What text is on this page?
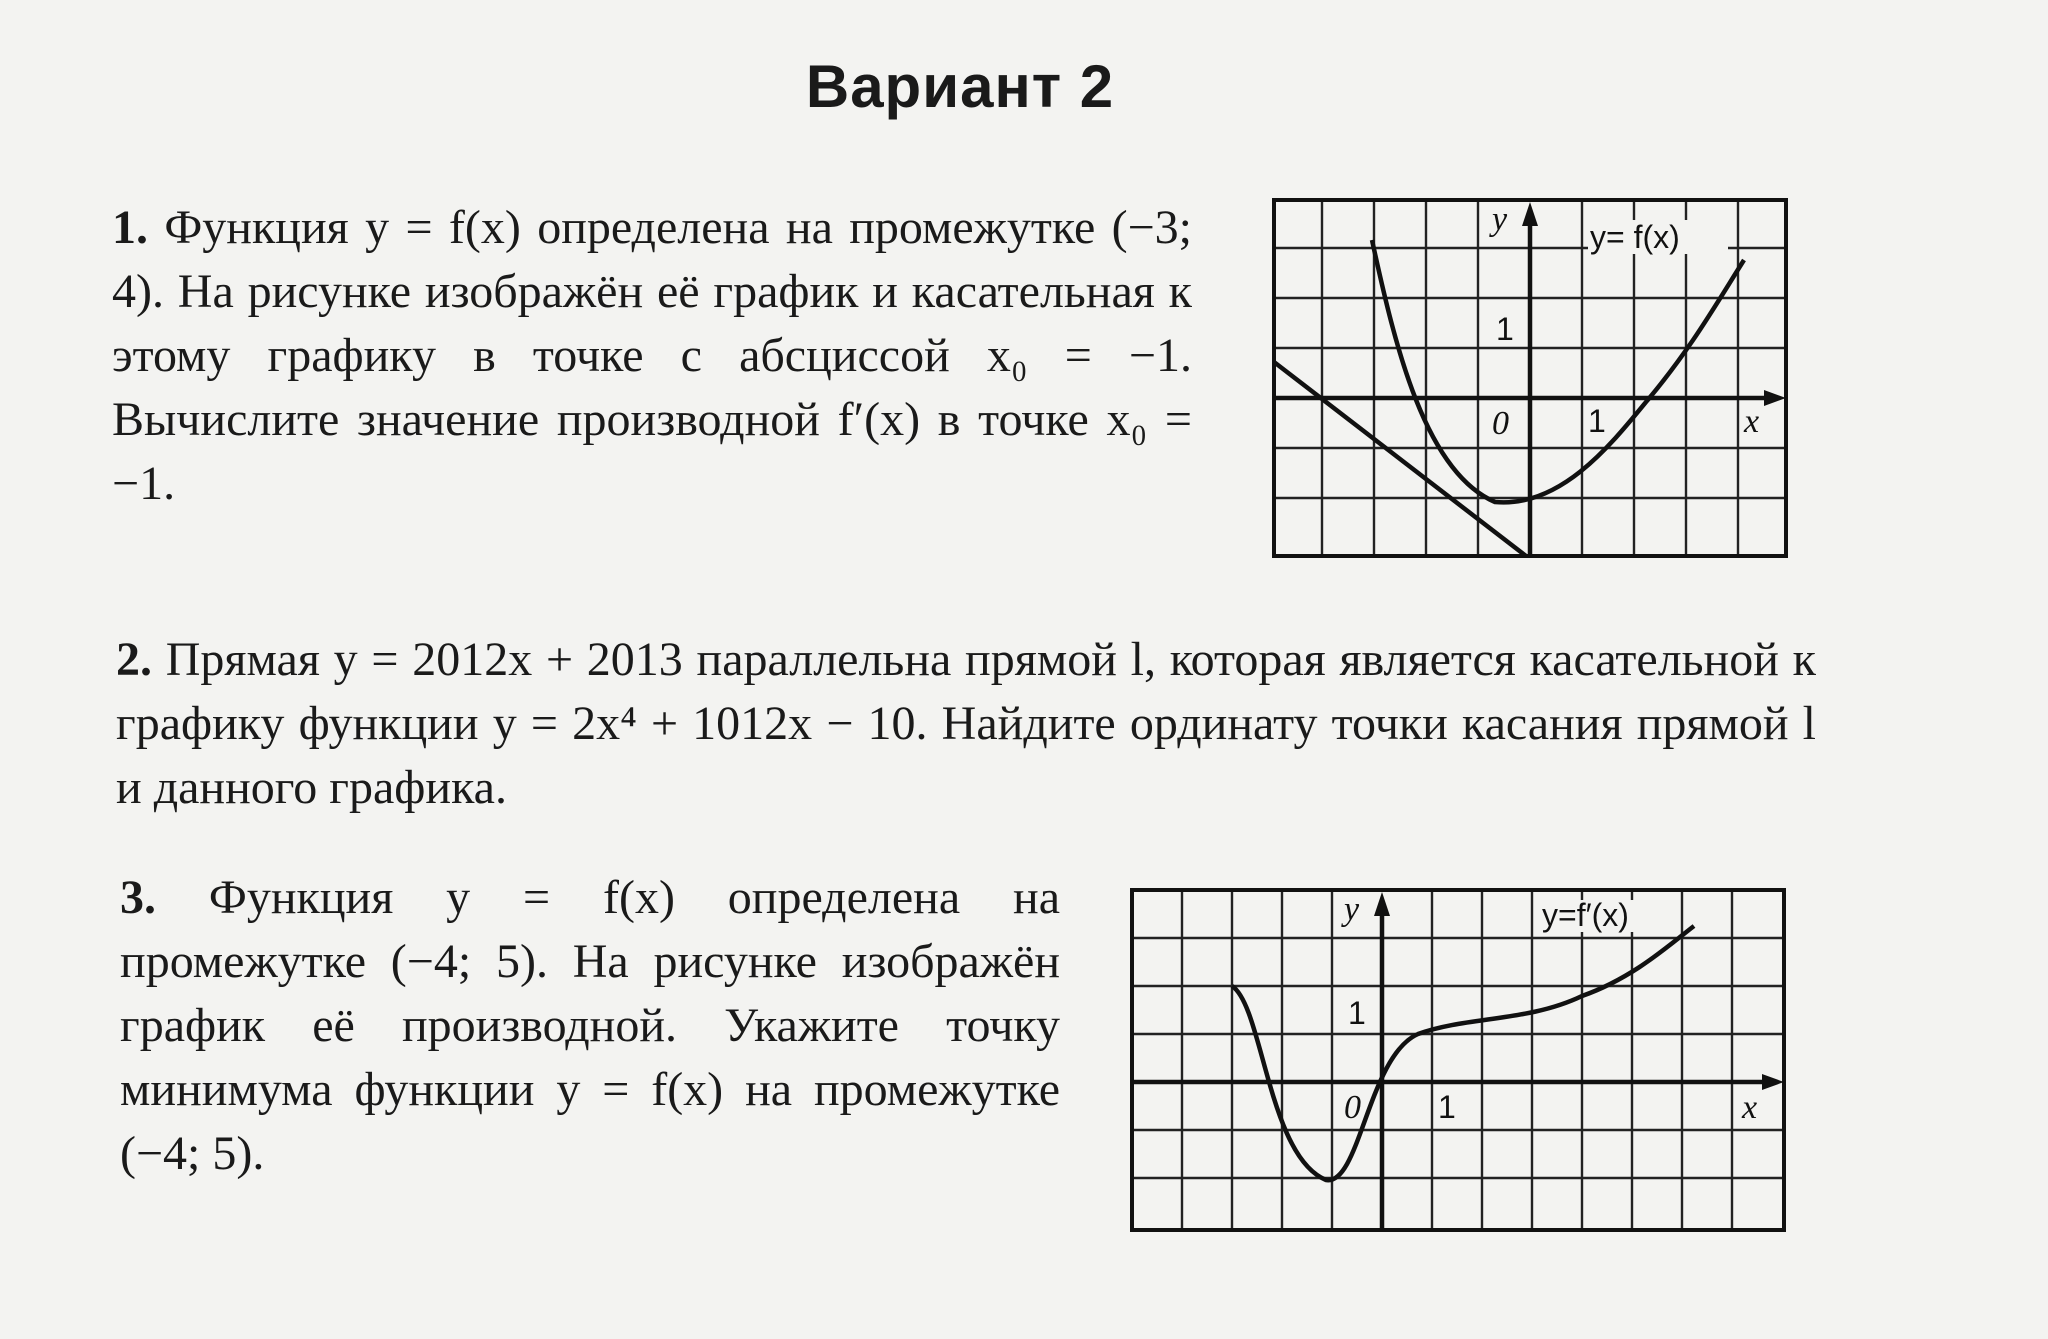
Вариант 2
1. Функция y = f(x) определена на промежутке (−3; 4). На рисунке изображён её график и касательная к этому графику в точке с абсциссой x₀ = −1. Вычислите значение производной f′(x) в точке x₀ = −1.
y= f(x)
y
x
0 1
1
2. Прямая y = 2012x + 2013 параллельна прямой l, которая является касательной к графику функции y = 2x⁴ + 1012x − 10. Найдите ординату точки касания прямой l и данного графика.
3. Функция y = f(x) определена на промежутке (−4; 5). На рисунке изображён график её производной. Укажите точку минимума функции y = f(x) на промежутке (−4; 5).
y=f′(x)
y
x
0 1
1
